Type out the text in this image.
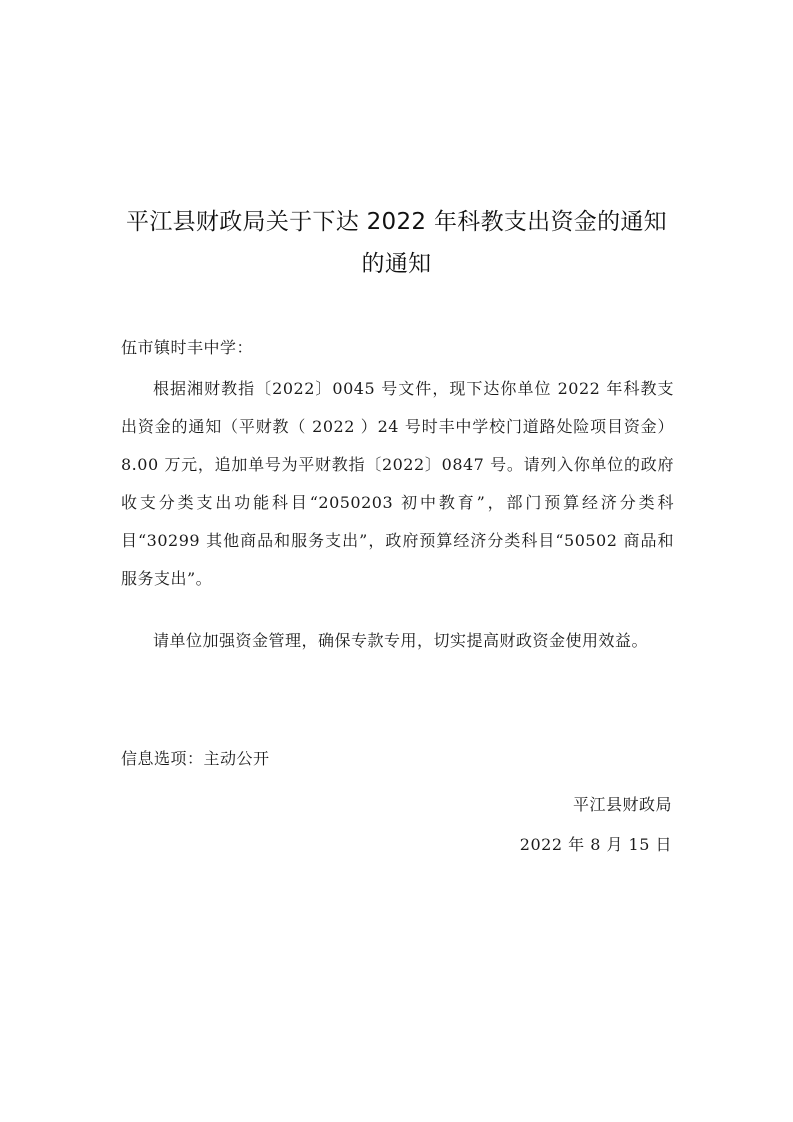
平江县财政局关于下达 2022 年科教支出资金的通知
的通知
伍市镇时丰中学：

根据湘财教指〔2022〕0045 号文件，现下达你单位 2022 年科教支出资金的通知（平财教（ 2022 ）24 号时丰中学校门道路处险项目资金）8.00 万元，追加单号为平财教指〔2022〕0847 号。请列入你单位的政府收支分类支出功能科目“2050203 初中教育”，部门预算经济分类科目“30299 其他商品和服务支出”，政府预算经济分类科目“50502 商品和服务支出”。

请单位加强资金管理，确保专款专用，切实提高财政资金使用效益。

信息选项：主动公开
平江县财政局
2022 年 8 月 15 日
